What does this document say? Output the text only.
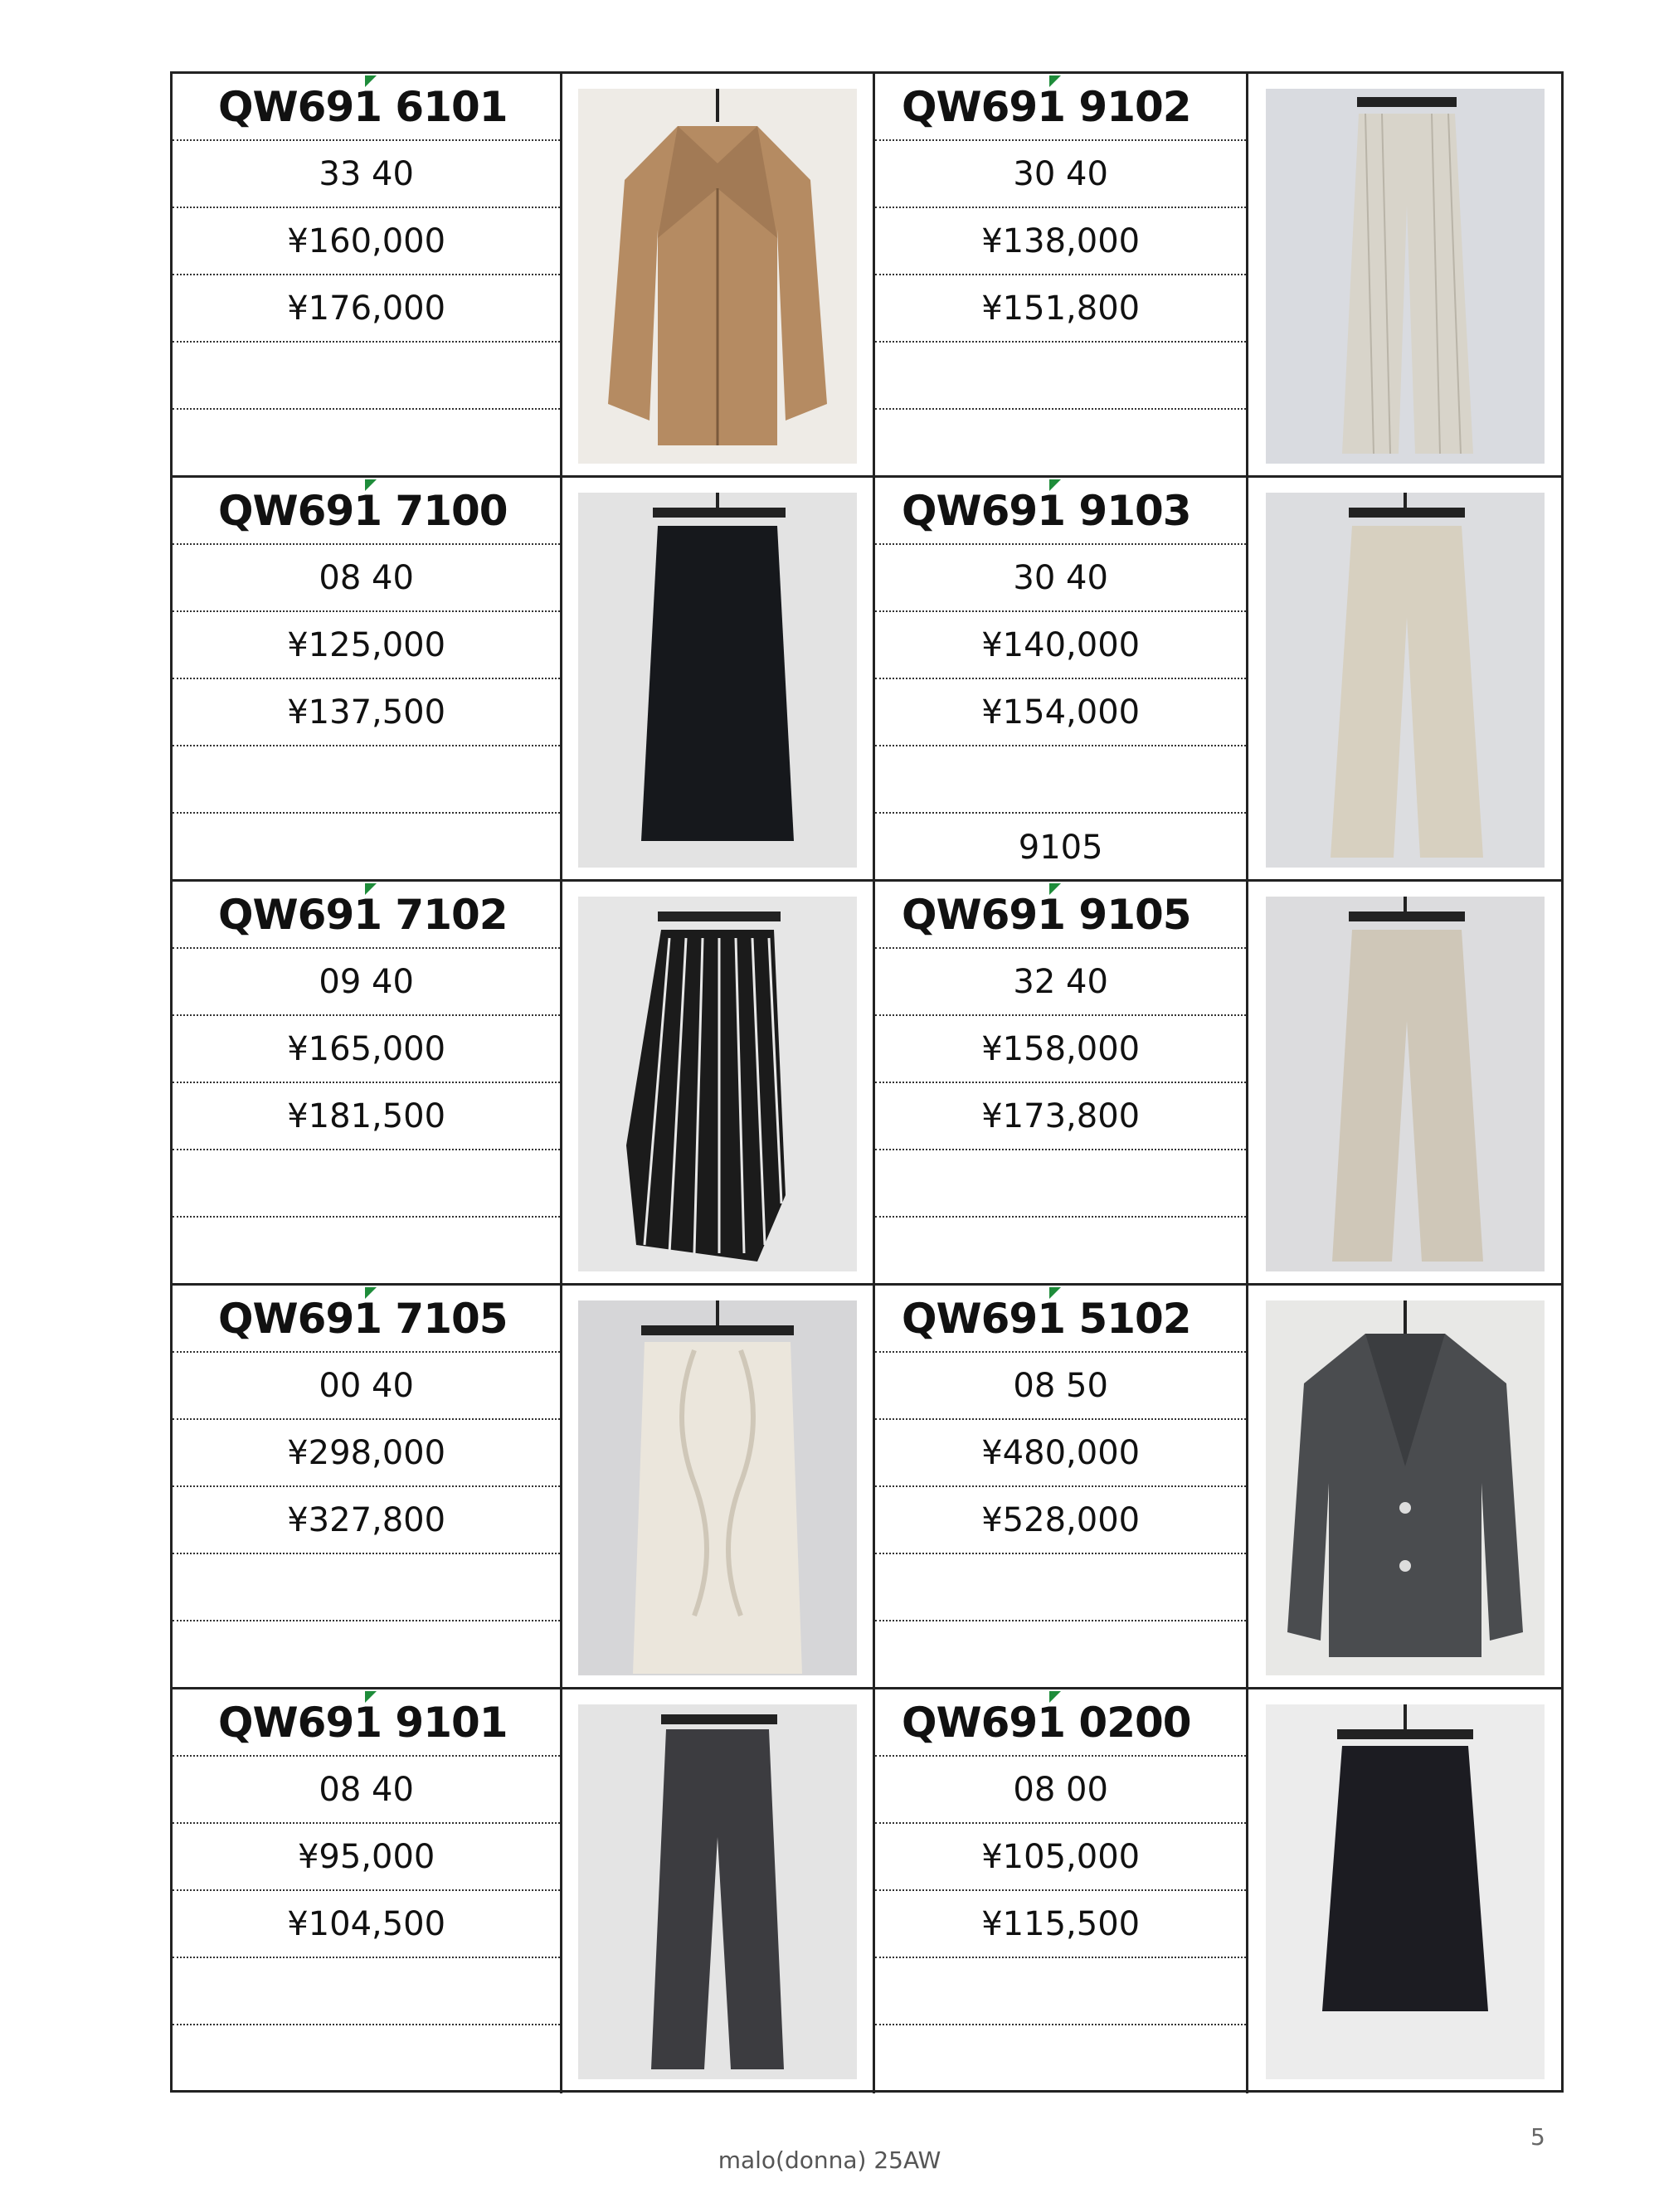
QW691 6101
33 40
¥160,000
¥176,000
QW691 9102
30 40
¥138,000
¥151,800
QW691 7100
08 40
¥125,000
¥137,500
QW691 9103
30 40
¥140,000
¥154,000
9105
QW691 7102
09 40
¥165,000
¥181,500
QW691 9105
32 40
¥158,000
¥173,800
QW691 7105
00 40
¥298,000
¥327,800
QW691 5102
08 50
¥480,000
¥528,000
QW691 9101
08 40
¥95,000
¥104,500
QW691 0200
08 00
¥105,000
¥115,500
5
malo(donna) 25AW
